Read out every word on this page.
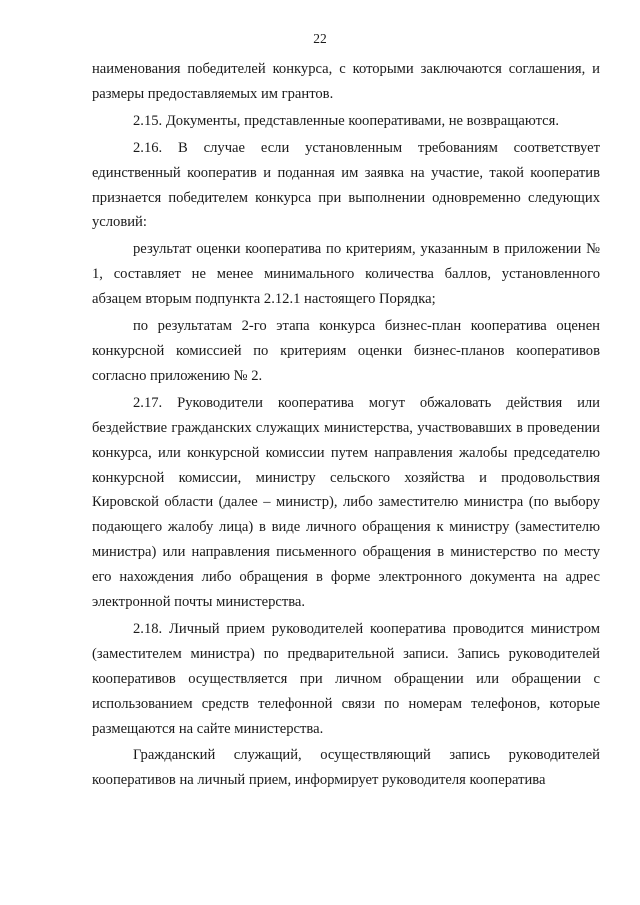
22

наименования победителей конкурса, с которыми заключаются соглашения, и размеры предоставляемых им грантов.

2.15. Документы, представленные кооперативами, не возвращаются.

2.16. В случае если установленным требованиям соответствует единственный кооператив и поданная им заявка на участие, такой кооператив признается победителем конкурса при выполнении одновременно следующих условий:

результат оценки кооператива по критериям, указанным в приложении № 1, составляет не менее минимального количества баллов, установленного абзацем вторым подпункта 2.12.1 настоящего Порядка;

по результатам 2-го этапа конкурса бизнес-план кооператива оценен конкурсной комиссией по критериям оценки бизнес-планов кооперативов согласно приложению № 2.

2.17. Руководители кооператива могут обжаловать действия или бездействие гражданских служащих министерства, участвовавших в проведении конкурса, или конкурсной комиссии путем направления жалобы председателю конкурсной комиссии, министру сельского хозяйства и продовольствия Кировской области (далее – министр), либо заместителю министра (по выбору подающего жалобу лица) в виде личного обращения к министру (заместителю министра) или направления письменного обращения в министерство по месту его нахождения либо обращения в форме электронного документа на адрес электронной почты министерства.

2.18. Личный прием руководителей кооператива проводится министром (заместителем министра) по предварительной записи. Запись руководителей кооперативов осуществляется при личном обращении или обращении с использованием средств телефонной связи по номерам телефонов, которые размещаются на сайте министерства.

Гражданский служащий, осуществляющий запись руководителей кооперативов на личный прием, информирует руководителя кооператива
